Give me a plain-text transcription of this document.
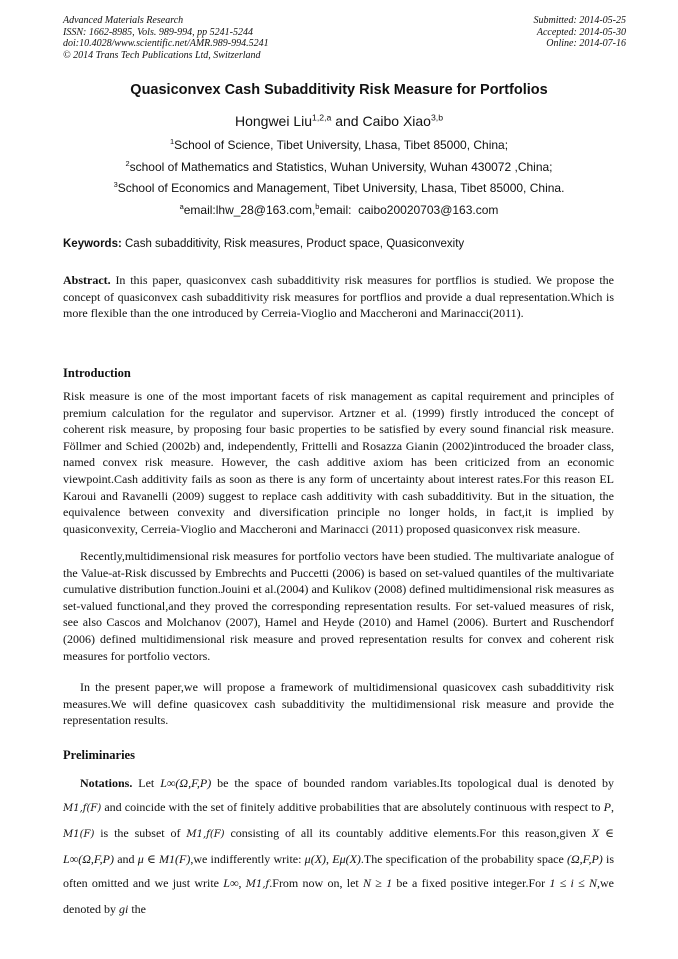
Advanced Materials Research
ISSN: 1662-8985, Vols. 989-994, pp 5241-5244
doi:10.4028/www.scientific.net/AMR.989-994.5241
© 2014 Trans Tech Publications Ltd, Switzerland
Submitted: 2014-05-25
Accepted: 2014-05-30
Online: 2014-07-16
Quasiconvex Cash Subadditivity Risk Measure for Portfolios
Hongwei Liu$^{1,2,a}$ and Caibo Xiao$^{3,b}$
$^1$School of Science, Tibet University, Lhasa, Tibet 85000, China;
$^2$school of Mathematics and Statistics, Wuhan University, Wuhan 430072 ,China;
$^3$School of Economics and Management, Tibet University, Lhasa, Tibet 85000, China.
$^a$email:lhw_28@163.com,$^b$email:  caibo20020703@163.com
Keywords: Cash subadditivity, Risk measures, Product space, Quasiconvexity
Abstract. In this paper, quasiconvex cash subadditivity risk measures for portflios is studied. We propose the concept of quasiconvex cash subadditivity risk measures for portflios and provide a dual representation.Which is more flexible than the one introduced by Cerreia-Vioglio and Maccheroni and Marinacci(2011).
Introduction
Risk measure is one of the most important facets of risk management as capital requirement and principles of premium calculation for the regulator and supervisor. Artzner et al. (1999) firstly introduced the concept of coherent risk measure, by proposing four basic properties to be satisfied by every sound financial risk measure. Föllmer and Schied (2002b) and, independently, Frittelli and Rosazza Gianin (2002)introduced the broader class, named convex risk measure. However, the cash additive axiom has been criticized from an economic viewpoint.Cash additivity fails as soon as there is any form of uncertainty about interest rates.For this reason EL Karoui and Ravanelli (2009) suggest to replace cash additivity with cash subadditivity. But in the situation, the equivalence between convexity and diversification principle no longer holds, in fact,it is implied by quasiconvexity, Cerreia-Vioglio and Maccheroni and Marinacci (2011) proposed quasiconvex risk measure.
Recently,multidimensional risk measures for portfolio vectors have been studied. The multivariate analogue of the Value-at-Risk discussed by Embrechts and Puccetti (2006) is based on set-valued quantiles of the multivariate cumulative distribution function.Jouini et al.(2004) and Kulikov (2008) defined multidimensional risk measures as set-valued functional,and they proved the corresponding representation results. For set-valued measures of risk, see also Cascos and Molchanov (2007), Hamel and Heyde (2010) and Hamel (2006). Burtert and Ruschendorf (2006) defined multidimensional risk measure and proved representation results for convex and coherent risk measures for portfolio vectors.
In the present paper,we will propose a framework of multidimensional quasicovex cash subadditivity risk measures.We will define quasicovex cash subadditivity the multidimensional risk measure and provide the representation results.
Preliminaries
Notations. Let L∞(Ω,F,P) be the space of bounded random variables.Its topological dual is denoted by M1,f(F) and coincide with the set of finitely additive probabilities that are absolutely continuous with respect to P, M1(F) is the subset of M1,f(F) consisting of all its countably additive elements.For this reason,given X ∈ L∞(Ω,F,P) and μ ∈ M1(F),we indifferently write: μ(X), Eμ(X).The specification of the probability space (Ω,F,P) is often omitted and we just write L∞, M1,f.From now on, let N ≥ 1 be a fixed positive integer.For 1 ≤ i ≤ N,we denoted by gi the
